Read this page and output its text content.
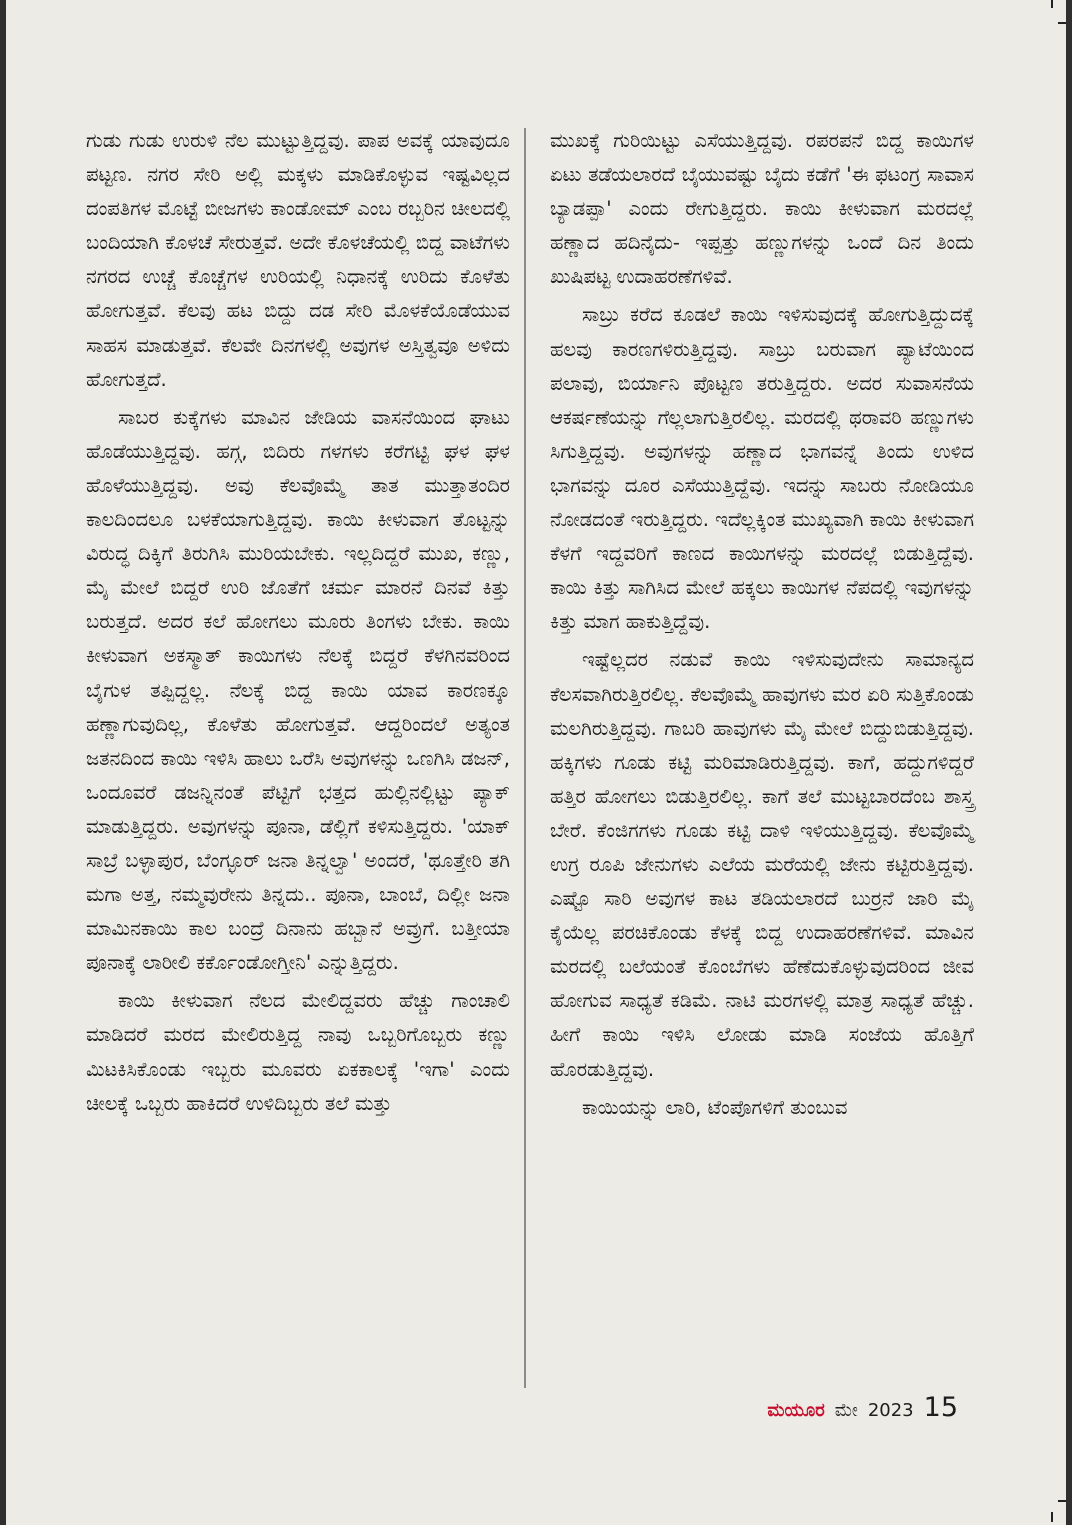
ಗುಡು ಗುಡು ಉರುಳಿ ನೆಲ ಮುಟ್ಟುತ್ತಿದ್ದವು. ಪಾಪ ಅವಕ್ಕೆ ಯಾವುದೂ ಪಟ್ಟಣ. ನಗರ ಸೇರಿ ಅಲ್ಲಿ ಮಕ್ಕಳು ಮಾಡಿಕೊಳ್ಳುವ ಇಷ್ಟವಿಲ್ಲದ ದಂಪತಿಗಳ ಮೊಟ್ಟೆ ಬೀಜಗಳು ಕಾಂಡೋಮ್ ಎಂಬ ರಬ್ಬರಿನ ಚೀಲದಲ್ಲಿ ಬಂದಿಯಾಗಿ ಕೊಳಚೆ ಸೇರುತ್ತವೆ. ಅದೇ ಕೊಳಚೆಯಲ್ಲಿ ಬಿದ್ದ ವಾಟೆಗಳು ನಗರದ ಉಚ್ಚೆ ಕೊಚ್ಚೆಗಳ ಉರಿಯಲ್ಲಿ ನಿಧಾನಕ್ಕೆ ಉರಿದು ಕೊಳೆತು ಹೋಗುತ್ತವೆ. ಕೆಲವು ಹಟ ಬಿದ್ದು ದಡ ಸೇರಿ ಮೊಳಕೆಯೊಡೆಯುವ ಸಾಹಸ ಮಾಡುತ್ತವೆ. ಕೆಲವೇ ದಿನಗಳಲ್ಲಿ ಅವುಗಳ ಅಸ್ತಿತ್ವವೂ ಅಳಿದು ಹೋಗುತ್ತದೆ.

ಸಾಬರ ಕುಕ್ಕೆಗಳು ಮಾವಿನ ಜೇಡಿಯ ವಾಸನೆಯಿಂದ ಘಾಟು ಹೊಡೆಯುತ್ತಿದ್ದವು. ಹಗ್ಗ, ಬಿದಿರು ಗಳಗಳು ಕರೆಗಟ್ಟಿ ಘಳ ಘಳ ಹೊಳೆಯುತ್ತಿದ್ದವು. ಅವು ಕೆಲವೊಮ್ಮೆ ತಾತ ಮುತ್ತಾತಂದಿರ ಕಾಲದಿಂದಲೂ ಬಳಕೆಯಾಗುತ್ತಿದ್ದವು. ಕಾಯಿ ಕೀಳುವಾಗ ತೊಟ್ಟನ್ನು ವಿರುದ್ಧ ದಿಕ್ಕಿಗೆ ತಿರುಗಿಸಿ ಮುರಿಯಬೇಕು. ಇಲ್ಲದಿದ್ದರೆ ಮುಖ, ಕಣ್ಣು, ಮೈ ಮೇಲೆ ಬಿದ್ದರೆ ಉರಿ ಜೊತೆಗೆ ಚರ್ಮ ಮಾರನೆ ದಿನವೆ ಕಿತ್ತು ಬರುತ್ತದೆ. ಅದರ ಕಲೆ ಹೋಗಲು ಮೂರು ತಿಂಗಳು ಬೇಕು. ಕಾಯಿ ಕೀಳುವಾಗ ಅಕಸ್ಮಾತ್ ಕಾಯಿಗಳು ನೆಲಕ್ಕೆ ಬಿದ್ದರೆ ಕೆಳಗಿನವರಿಂದ ಬೈಗುಳ ತಪ್ಪಿದ್ದಲ್ಲ. ನೆಲಕ್ಕೆ ಬಿದ್ದ ಕಾಯಿ ಯಾವ ಕಾರಣಕ್ಕೂ ಹಣ್ಣಾಗುವುದಿಲ್ಲ, ಕೊಳೆತು ಹೋಗುತ್ತವೆ. ಆದ್ದರಿಂದಲೆ ಅತ್ಯಂತ ಜತನದಿಂದ ಕಾಯಿ ಇಳಿಸಿ ಹಾಲು ಒರೆಸಿ ಅವುಗಳನ್ನು ಒಣಗಿಸಿ ಡಜನ್, ಒಂದೂವರೆ ಡಜನ್ನಿನಂತೆ ಪೆಟ್ಟಿಗೆ ಭತ್ತದ ಹುಲ್ಲಿನಲ್ಲಿಟ್ಟು ಪ್ಯಾಕ್ ಮಾಡುತ್ತಿದ್ದರು. ಅವುಗಳನ್ನು ಪೂನಾ, ಡೆಲ್ಲಿಗೆ ಕಳಿಸುತ್ತಿದ್ದರು. 'ಯಾಕ್ ಸಾಬ್ರೆ ಬಳ್ಳಾಪುರ, ಬೆಂಗ್ಳೂರ್ ಜನಾ ತಿನ್ನಲ್ವಾ' ಅಂದರೆ, 'ಥೂತ್ತೇರಿ ತಗಿ ಮಗಾ ಅತ್ತ, ನಮ್ಮವುರೇನು ತಿನ್ನದು.. ಪೂನಾ, ಬಾಂಬೆ, ದಿಲ್ಲೀ ಜನಾ ಮಾಮಿನಕಾಯಿ ಕಾಲ ಬಂದ್ರೆ ದಿನಾನು ಹಬ್ಬಾನೆ ಅವ್ರುಗೆ. ಬತ್ತೀಯಾ ಪೂನಾಕ್ಕೆ ಲಾರೀಲಿ ಕರ್ಕೊಂಡೋಗ್ತೀನಿ' ಎನ್ನುತ್ತಿದ್ದರು.

ಕಾಯಿ ಕೀಳುವಾಗ ನೆಲದ ಮೇಲಿದ್ದವರು ಹೆಚ್ಚು ಗಾಂಚಾಲಿ ಮಾಡಿದರೆ ಮರದ ಮೇಲಿರುತ್ತಿದ್ದ ನಾವು ಒಬ್ಬರಿಗೊಬ್ಬರು ಕಣ್ಣು ಮಿಟಕಿಸಿಕೊಂಡು ಇಬ್ಬರು ಮೂವರು ಏಕಕಾಲಕ್ಕೆ 'ಇಗಾ' ಎಂದು ಚೀಲಕ್ಕೆ ಒಬ್ಬರು ಹಾಕಿದರೆ ಉಳಿದಿಬ್ಬರು ತಲೆ ಮತ್ತು

ಮುಖಕ್ಕೆ ಗುರಿಯಿಟ್ಟು ಎಸೆಯುತ್ತಿದ್ದವು. ರಪರಪನೆ ಬಿದ್ದ ಕಾಯಿಗಳ ಏಟು ತಡೆಯಲಾರದೆ ಬೈಯುವಷ್ಟು ಬೈದು ಕಡೆಗೆ 'ಈ ಫಟಂಗ್ರ ಸಾವಾಸ ಬ್ಯಾಡಪ್ಪಾ' ಎಂದು ರೇಗುತ್ತಿದ್ದರು. ಕಾಯಿ ಕೀಳುವಾಗ ಮರದಲ್ಲೆ ಹಣ್ಣಾದ ಹದಿನೈದು- ಇಪ್ಪತ್ತು ಹಣ್ಣುಗಳನ್ನು ಒಂದೆ ದಿನ ತಿಂದು ಖುಷಿಪಟ್ಟ ಉದಾಹರಣೆಗಳಿವೆ.

ಸಾಬ್ರು ಕರೆದ ಕೂಡಲೆ ಕಾಯಿ ಇಳಿಸುವುದಕ್ಕೆ ಹೋಗುತ್ತಿದ್ದುದಕ್ಕೆ ಹಲವು ಕಾರಣಗಳಿರುತ್ತಿದ್ದವು. ಸಾಬ್ರು ಬರುವಾಗ ಪ್ಯಾಟೆಯಿಂದ ಪಲಾವು, ಬಿರ್ಯಾನಿ ಪೊಟ್ಟಣ ತರುತ್ತಿದ್ದರು. ಅದರ ಸುವಾಸನೆಯ ಆಕರ್ಷಣೆಯನ್ನು ಗೆಲ್ಲಲಾಗುತ್ತಿರಲಿಲ್ಲ. ಮರದಲ್ಲಿ ಥರಾವರಿ ಹಣ್ಣುಗಳು ಸಿಗುತ್ತಿದ್ದವು. ಅವುಗಳನ್ನು ಹಣ್ಣಾದ ಭಾಗವನ್ನೆ ತಿಂದು ಉಳಿದ ಭಾಗವನ್ನು ದೂರ ಎಸೆಯುತ್ತಿದ್ದೆವು. ಇದನ್ನು ಸಾಬರು ನೋಡಿಯೂ ನೋಡದಂತೆ ಇರುತ್ತಿದ್ದರು. ಇದೆಲ್ಲಕ್ಕಿಂತ ಮುಖ್ಯವಾಗಿ ಕಾಯಿ ಕೀಳುವಾಗ ಕೆಳಗೆ ಇದ್ದವರಿಗೆ ಕಾಣದ ಕಾಯಿಗಳನ್ನು ಮರದಲ್ಲೆ ಬಿಡುತ್ತಿದ್ದೆವು. ಕಾಯಿ ಕಿತ್ತು ಸಾಗಿಸಿದ ಮೇಲೆ ಹಕ್ಕಲು ಕಾಯಿಗಳ ನೆಪದಲ್ಲಿ ಇವುಗಳನ್ನು ಕಿತ್ತು ಮಾಗ ಹಾಕುತ್ತಿದ್ದೆವು.

ಇಷ್ಟೆಲ್ಲದರ ನಡುವೆ ಕಾಯಿ ಇಳಿಸುವುದೇನು ಸಾಮಾನ್ಯದ ಕೆಲಸವಾಗಿರುತ್ತಿರಲಿಲ್ಲ. ಕೆಲವೊಮ್ಮೆ ಹಾವುಗಳು ಮರ ಏರಿ ಸುತ್ತಿಕೊಂಡು ಮಲಗಿರುತ್ತಿದ್ದವು. ಗಾಬರಿ ಹಾವುಗಳು ಮೈ ಮೇಲೆ ಬಿದ್ದುಬಿಡುತ್ತಿದ್ದವು. ಹಕ್ಕಿಗಳು ಗೂಡು ಕಟ್ಟಿ ಮರಿಮಾಡಿರುತ್ತಿದ್ದವು. ಕಾಗೆ, ಹದ್ದುಗಳಿದ್ದರೆ ಹತ್ತಿರ ಹೋಗಲು ಬಿಡುತ್ತಿರಲಿಲ್ಲ. ಕಾಗೆ ತಲೆ ಮುಟ್ಟಬಾರದೆಂಬ ಶಾಸ್ತ್ರ ಬೇರೆ. ಕೆಂಜಿಗಗಳು ಗೂಡು ಕಟ್ಟಿ ದಾಳಿ ಇಳಿಯುತ್ತಿದ್ದವು. ಕೆಲವೊಮ್ಮೆ ಉಗ್ರ ರೂಪಿ ಜೇನುಗಳು ಎಲೆಯ ಮರೆಯಲ್ಲಿ ಜೇನು ಕಟ್ಟಿರುತ್ತಿದ್ದವು. ಎಷ್ಟೊ ಸಾರಿ ಅವುಗಳ ಕಾಟ ತಡಿಯಲಾರದೆ ಬುರ್ರನೆ ಜಾರಿ ಮೈ ಕೈಯೆಲ್ಲ ಪರಚಿಕೊಂಡು ಕೆಳಕ್ಕೆ ಬಿದ್ದ ಉದಾಹರಣೆಗಳಿವೆ. ಮಾವಿನ ಮರದಲ್ಲಿ ಬಲೆಯಂತೆ ಕೊಂಬೆಗಳು ಹೆಣೆದುಕೊಳ್ಳುವುದರಿಂದ ಜೀವ ಹೋಗುವ ಸಾಧ್ಯತೆ ಕಡಿಮೆ. ನಾಟಿ ಮರಗಳಲ್ಲಿ ಮಾತ್ರ ಸಾಧ್ಯತೆ ಹೆಚ್ಚು. ಹೀಗೆ ಕಾಯಿ ಇಳಿಸಿ ಲೋಡು ಮಾಡಿ ಸಂಜೆಯ ಹೊತ್ತಿಗೆ ಹೊರಡುತ್ತಿದ್ದವು.

ಕಾಯಿಯನ್ನು ಲಾರಿ, ಟೆಂಪೊಗಳಿಗೆ ತುಂಬುವ

ಮಯೂರ ಮೇ 2023 15
